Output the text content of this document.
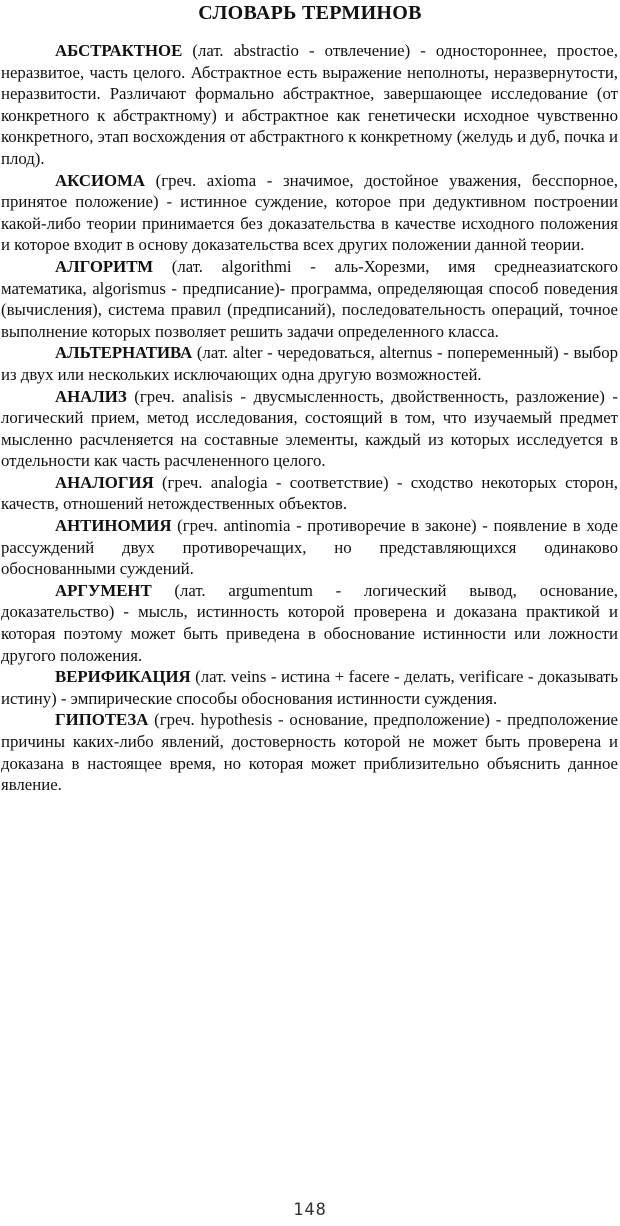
СЛОВАРЬ ТЕРМИНОВ

АБСТРАКТНОЕ (лат. abstractio - отвлечение) - одностороннее, простое, неразвитое, часть целого. Абстрактное есть выражение неполноты, неразвернутости, неразвитости. Различают формально абстрактное, завершающее исследование (от конкретного к абстрактному) и абстрактное как генетически исходное чувственно конкретного, этап восхождения от абстрактного к конкретному (желудь и дуб, почка и плод).

АКСИОМА (греч. axioma - значимое, достойное уважения, бесспорное, принятое положение) - истинное суждение, которое при дедуктивном построении какой-либо теории принимается без доказательства в качестве исходного положения и которое входит в основу доказательства всех других положении данной теории.

АЛГОРИТМ (лат. algorithmi - аль-Хорезми, имя среднеазиатского математика, algorismus - предписание)- программа, определяющая способ поведения (вычисления), система правил (предписаний), последовательность операций, точное выполнение которых позволяет решить задачи определенного класса.

АЛЬТЕРНАТИВА (лат. alter - чередоваться, alternus - попеременный) - выбор из двух или нескольких исключающих одна другую возможностей.

АНАЛИЗ (греч. analisis - двусмысленность, двойственность, разложение) - логический прием, метод исследования, состоящий в том, что изучаемый предмет мысленно расчленяется на составные элементы, каждый из которых исследуется в отдельности как часть расчлененного целого.

АНАЛОГИЯ (греч. analogia - соответствие) - сходство некоторых сторон, качеств, отношений нетождественных объектов.

АНТИНОМИЯ (греч. antinomia - противоречие в законе) - появление в ходе рассуждений двух противоречащих, но представляющихся одинаково обоснованными суждений.

АРГУМЕНТ (лат. argumentum - логический вывод, основание, доказательство) - мысль, истинность которой проверена и доказана практикой и которая поэтому может быть приведена в обоснование истинности или ложности другого положения.

ВЕРИФИКАЦИЯ (лат. veins - истина + facere - делать, verificare - доказывать истину) - эмпирические способы обоснования истинности суждения.

ГИПОТЕЗА (греч. hypothesis - основание, предположение) - предположение причины каких-либо явлений, достоверность которой не может быть проверена и доказана в настоящее время, но которая может приблизительно объяснить данное явление.

148
